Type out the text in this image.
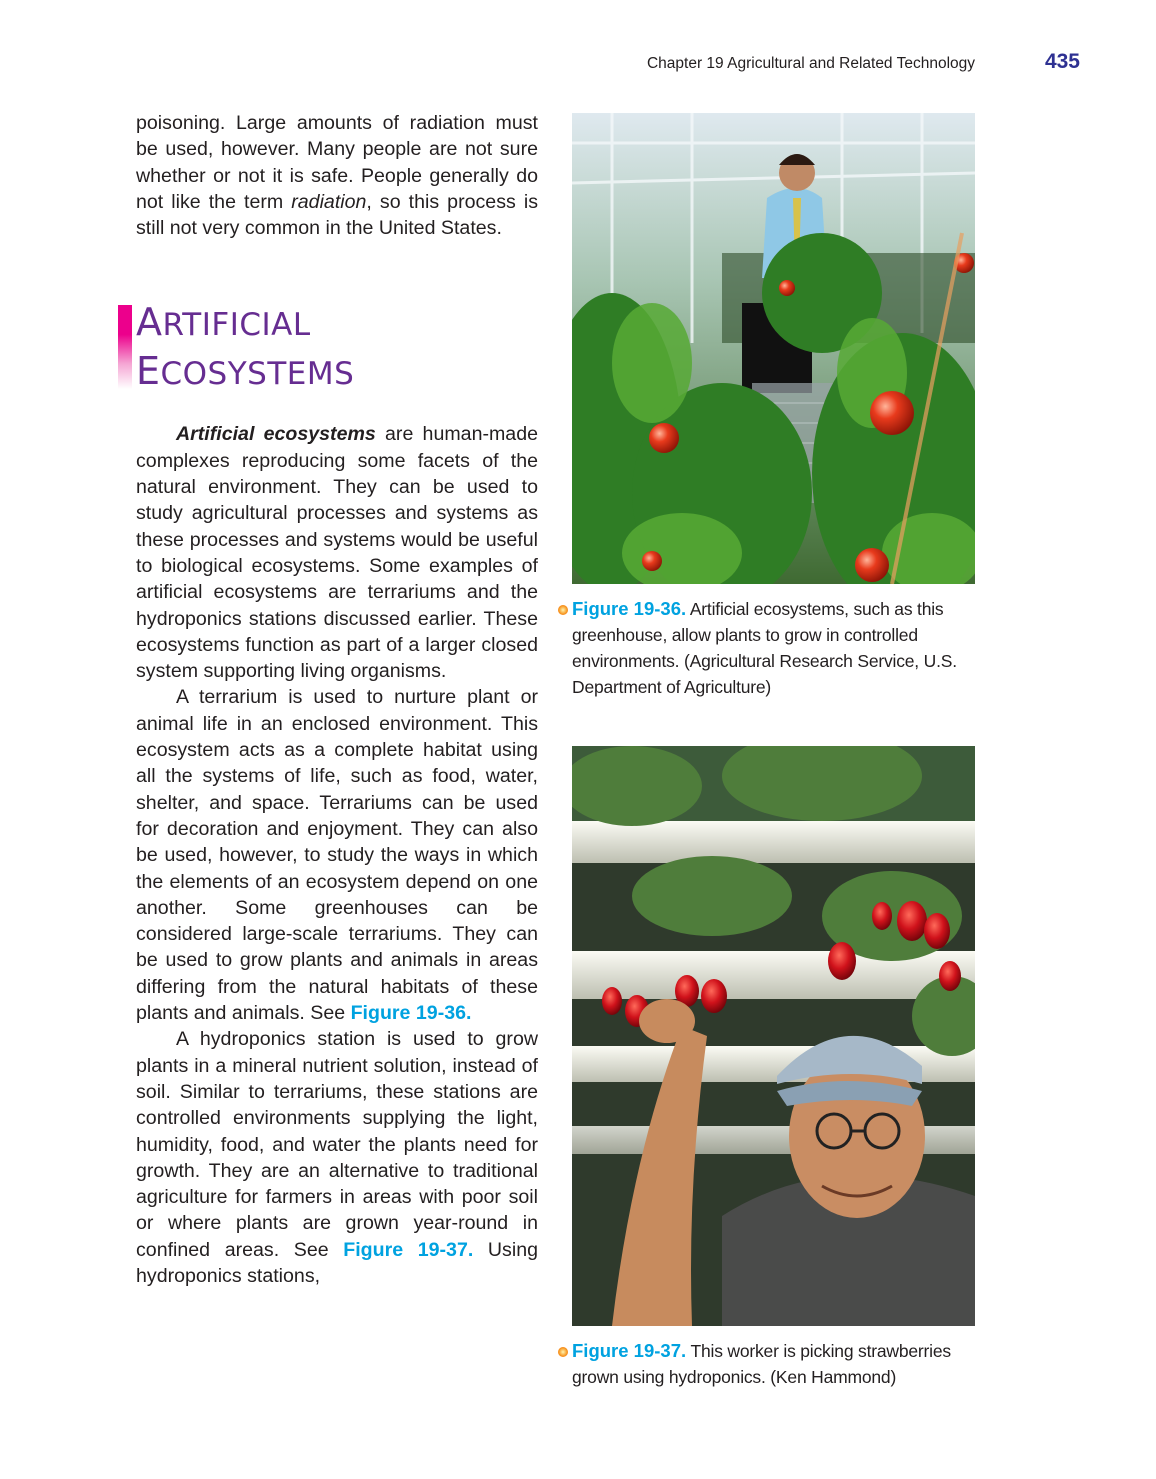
Chapter 19 Agricultural and Related Technology	435

poisoning. Large amounts of radiation must be used, however. Many people are not sure whether or not it is safe. People generally do not like the term radiation, so this process is still not very common in the United States.

ARTIFICIAL
ECOSYSTEMS

Artificial ecosystems are human-made complexes reproducing some facets of the natural environment. They can be used to study agricultural processes and systems as these processes and systems would be useful to biological ecosystems. Some examples of artificial ecosystems are terrariums and the hydroponics stations discussed earlier. These ecosystems function as part of a larger closed system supporting living organisms.

A terrarium is used to nurture plant or animal life in an enclosed environment. This ecosystem acts as a complete habitat using all the systems of life, such as food, water, shelter, and space. Terrariums can be used for decoration and enjoyment. They can also be used, however, to study the ways in which the elements of an ecosystem depend on one another. Some greenhouses can be considered large-scale terrariums. They can be used to grow plants and animals in areas differing from the natural habitats of these plants and animals. See Figure 19-36.

A hydroponics station is used to grow plants in a mineral nutrient solution, instead of soil. Similar to terrariums, these stations are controlled environments supplying the light, humidity, food, and water the plants need for growth. They are an alternative to traditional agriculture for farmers in areas with poor soil or where plants are grown year-round in confined areas. See Figure 19-37. Using hydroponics stations,

Figure 19-36. Artificial ecosystems, such as this greenhouse, allow plants to grow in controlled environments. (Agricultural Research Service, U.S. Department of Agriculture)
Figure 19-37. This worker is picking strawberries grown using hydroponics. (Ken Hammond)
